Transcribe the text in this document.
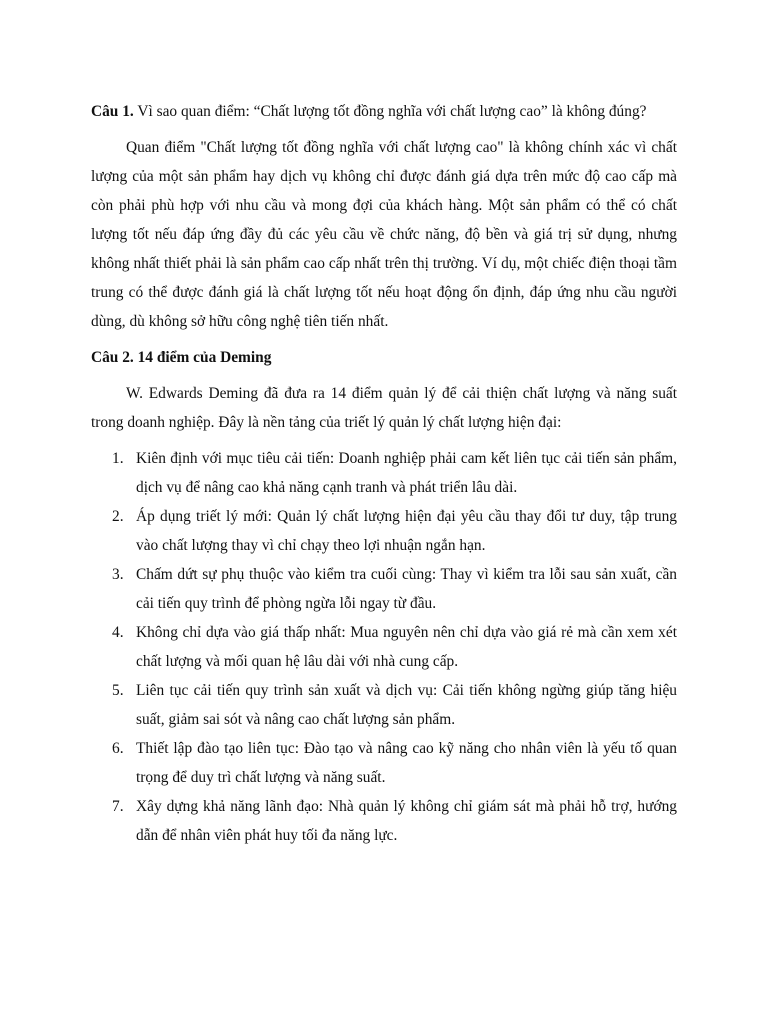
Câu 1. Vì sao quan điểm: “Chất lượng tốt đồng nghĩa với chất lượng cao” là không đúng?

Quan điểm "Chất lượng tốt đồng nghĩa với chất lượng cao" là không chính xác vì chất lượng của một sản phẩm hay dịch vụ không chỉ được đánh giá dựa trên mức độ cao cấp mà còn phải phù hợp với nhu cầu và mong đợi của khách hàng. Một sản phẩm có thể có chất lượng tốt nếu đáp ứng đầy đủ các yêu cầu về chức năng, độ bền và giá trị sử dụng, nhưng không nhất thiết phải là sản phẩm cao cấp nhất trên thị trường. Ví dụ, một chiếc điện thoại tầm trung có thể được đánh giá là chất lượng tốt nếu hoạt động ổn định, đáp ứng nhu cầu người dùng, dù không sở hữu công nghệ tiên tiến nhất.

Câu 2. 14 điểm của Deming

W. Edwards Deming đã đưa ra 14 điểm quản lý để cải thiện chất lượng và năng suất trong doanh nghiệp. Đây là nền tảng của triết lý quản lý chất lượng hiện đại:

1. Kiên định với mục tiêu cải tiến: Doanh nghiệp phải cam kết liên tục cải tiến sản phẩm, dịch vụ để nâng cao khả năng cạnh tranh và phát triển lâu dài.
2. Áp dụng triết lý mới: Quản lý chất lượng hiện đại yêu cầu thay đổi tư duy, tập trung vào chất lượng thay vì chỉ chạy theo lợi nhuận ngắn hạn.
3. Chấm dứt sự phụ thuộc vào kiểm tra cuối cùng: Thay vì kiểm tra lỗi sau sản xuất, cần cải tiến quy trình để phòng ngừa lỗi ngay từ đầu.
4. Không chỉ dựa vào giá thấp nhất: Mua nguyên nên chỉ dựa vào giá rẻ mà cần xem xét chất lượng và mối quan hệ lâu dài với nhà cung cấp.
5. Liên tục cải tiến quy trình sản xuất và dịch vụ: Cải tiến không ngừng giúp tăng hiệu suất, giảm sai sót và nâng cao chất lượng sản phẩm.
6. Thiết lập đào tạo liên tục: Đào tạo và nâng cao kỹ năng cho nhân viên là yếu tố quan trọng để duy trì chất lượng và năng suất.
7. Xây dựng khả năng lãnh đạo: Nhà quản lý không chỉ giám sát mà phải hỗ trợ, hướng dẫn để nhân viên phát huy tối đa năng lực.
